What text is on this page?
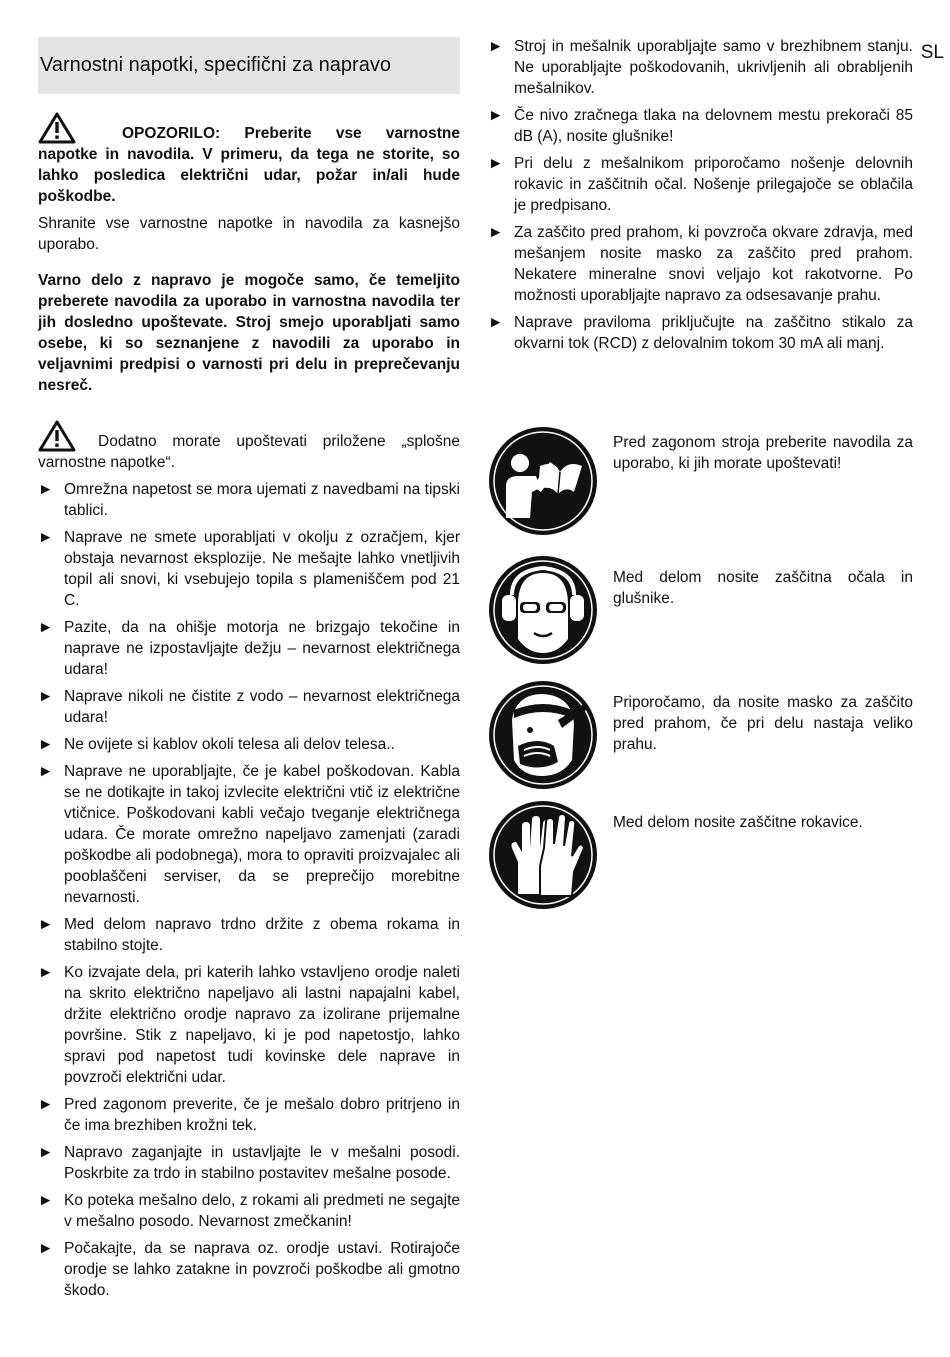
SL
Varnostni napotki, specifični za napravo

OPOZORILO: Preberite vse varnostne napotke in navodila. V primeru, da tega ne storite, so lahko posledica električni udar, požar in/ali hude poškodbe.

Shranite vse varnostne napotke in navodila za kasnejšo uporabo.

Varno delo z napravo je mogoče samo, če temeljito preberete navodila za uporabo in varnostna navodila ter jih dosledno upoštevate. Stroj smejo uporabljati samo osebe, ki so seznanjene z navodili za uporabo in veljavnimi predpisi o varnosti pri delu in preprečevanju nesreč.

Dodatno morate upoštevati priložene „splošne varnostne napotke“.

► Omrežna napetost se mora ujemati z navedbami na tipski tablici.
► Naprave ne smete uporabljati v okolju z ozračjem, kjer obstaja nevarnost eksplozije. Ne mešajte lahko vnetljivih topil ali snovi, ki vsebujejo topila s plameniščem pod 21 C.
► Pazite, da na ohišje motorja ne brizgajo tekočine in naprave ne izpostavljajte dežju – nevarnost električnega udara!
► Naprave nikoli ne čistite z vodo – nevarnost električnega udara!
► Ne ovijete si kablov okoli telesa ali delov telesa..
► Naprave ne uporabljajte, če je kabel poškodovan. Kabla se ne dotikajte in takoj izvlecite električni vtič iz električne vtičnice. Poškodovani kabli večajo tveganje električnega udara. Če morate omrežno napeljavo zamenjati (zaradi poškodbe ali podobnega), mora to opraviti proizvajalec ali pooblaščeni serviser, da se preprečijo morebitne nevarnosti.
► Med delom napravo trdno držite z obema rokama in stabilno stojte.
► Ko izvajate dela, pri katerih lahko vstavljeno orodje naleti na skrito električno napeljavo ali lastni napajalni kabel, držite električno orodje napravo za izolirane prijemalne površine. Stik z napeljavo, ki je pod napetostjo, lahko spravi pod napetost tudi kovinske dele naprave in povzroči električni udar.
► Pred zagonom preverite, če je mešalo dobro pritrjeno in če ima brezhiben krožni tek.
► Napravo zaganjajte in ustavljajte le v mešalni posodi. Poskrbite za trdo in stabilno postavitev mešalne posode.
► Ko poteka mešalno delo, z rokami ali predmeti ne segajte v mešalno posodo. Nevarnost zmečkanin!
► Počakajte, da se naprava oz. orodje ustavi. Rotirajoče orodje se lahko zatakne in povzroči poškodbe ali gmotno škodo.
► Stroj in mešalnik uporabljajte samo v brezhibnem stanju. Ne uporabljajte poškodovanih, ukrivljenih ali obrabljenih mešalnikov.
► Če nivo zračnega tlaka na delovnem mestu prekorači 85 dB (A), nosite glušnike!
► Pri delu z mešalnikom priporočamo nošenje delovnih rokavic in zaščitnih očal. Nošenje prilegajoče se oblačila je predpisano.
► Za zaščito pred prahom, ki povzroča okvare zdravja, med mešanjem nosite masko za zaščito pred prahom. Nekatere mineralne snovi veljajo kot rakotvorne. Po možnosti uporabljajte napravo za odsesavanje prahu.
► Naprave praviloma priključujte na zaščitno stikalo za okvarni tok (RCD) z delovalnim tokom 30 mA ali manj.
Pred zagonom stroja preberite navodila za uporabo, ki jih morate upoštevati!
Med delom nosite zaščitna očala in glušnike.
Priporočamo, da nosite masko za zaščito pred prahom, če pri delu nastaja veliko prahu.
Med delom nosite zaščitne rokavice.
